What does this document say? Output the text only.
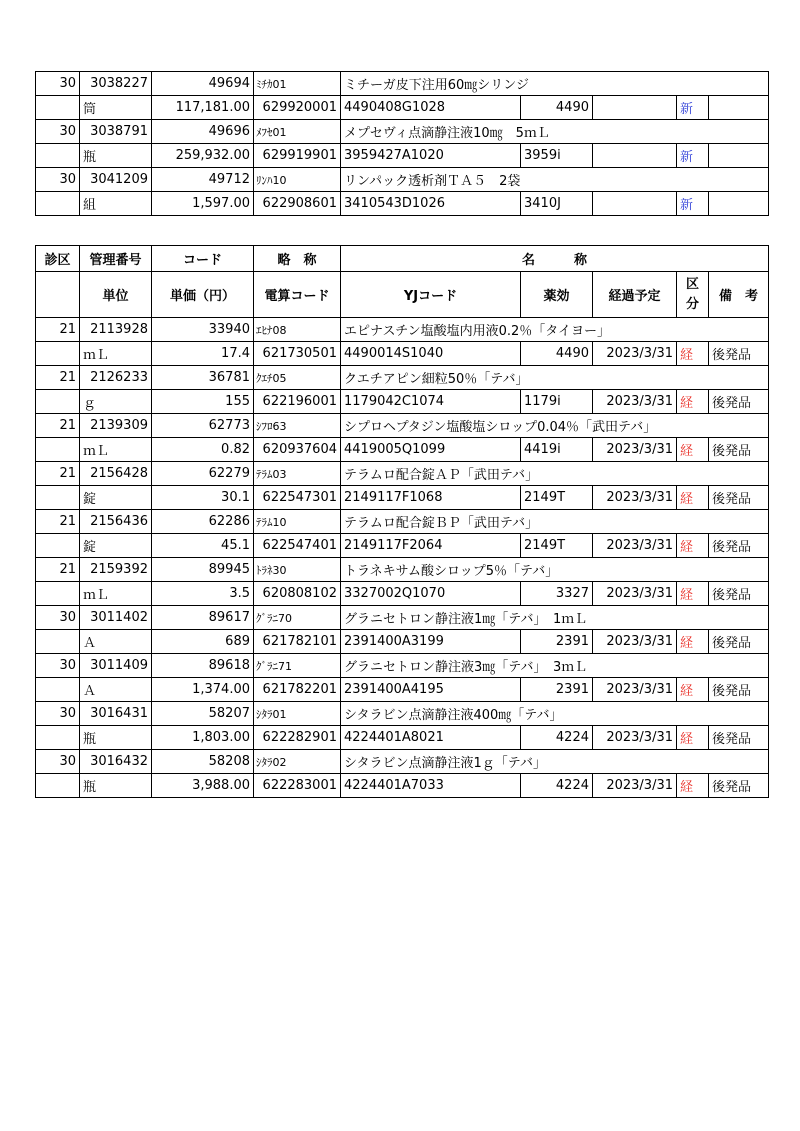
30	3038227	49694	ﾐﾁｶ01	ミチーガ皮下注用60㎎シリンジ				
	筒	117,181.00	629920001	4490408G1028	4490		新	
30	3038791	49696	ﾒﾌｾ01	メプセヴィ点滴静注液10㎎　5ｍＬ				
	瓶	259,932.00	629919901	3959427A1020	3959i		新	
30	3041209	49712	ﾘﾝﾊ10	リンパック透析剤ＴＡ５　2袋				
	組	1,597.00	622908601	3410543D1026	3410J		新	
診区	管理番号	コード	略　称	名　　　称				
	単位	単価（円）	電算コード	YJコード	薬効	経過予定	区分	備　考
21	2113928	33940	ｴﾋﾅ08	エピナスチン塩酸塩内用液0.2％「タイヨー」				
	ｍＬ	17.4	621730501	4490014S1040	4490	2023/3/31	経	後発品
21	2126233	36781	ｸｴﾁ05	クエチアピン細粒50％「テバ」				
	ｇ	155	622196001	1179042C1074	1179i	2023/3/31	経	後発品
21	2139309	62773	ｼﾌﾛ63	シプロヘプタジン塩酸塩シロップ0.04％「武田テバ」				
	ｍＬ	0.82	620937604	4419005Q1099	4419i	2023/3/31	経	後発品
21	2156428	62279	ﾃﾗﾑ03	テラムロ配合錠ＡＰ「武田テバ」				
	錠	30.1	622547301	2149117F1068	2149T	2023/3/31	経	後発品
21	2156436	62286	ﾃﾗﾑ10	テラムロ配合錠ＢＰ「武田テバ」				
	錠	45.1	622547401	2149117F2064	2149T	2023/3/31	経	後発品
21	2159392	89945	ﾄﾗﾈ30	トラネキサム酸シロップ5％「テバ」				
	ｍＬ	3.5	620808102	3327002Q1070	3327	2023/3/31	経	後発品
30	3011402	89617	ｸﾞﾗﾆ70	グラニセトロン静注液1㎎「テバ」　1ｍＬ				
	Ａ	689	621782101	2391400A3199	2391	2023/3/31	経	後発品
30	3011409	89618	ｸﾞﾗﾆ71	グラニセトロン静注液3㎎「テバ」　3ｍＬ				
	Ａ	1,374.00	621782201	2391400A4195	2391	2023/3/31	経	後発品
30	3016431	58207	ｼﾀﾗ01	シタラビン点滴静注液400㎎「テバ」				
	瓶	1,803.00	622282901	4224401A8021	4224	2023/3/31	経	後発品
30	3016432	58208	ｼﾀﾗ02	シタラビン点滴静注液1ｇ「テバ」				
	瓶	3,988.00	622283001	4224401A7033	4224	2023/3/31	経	後発品
